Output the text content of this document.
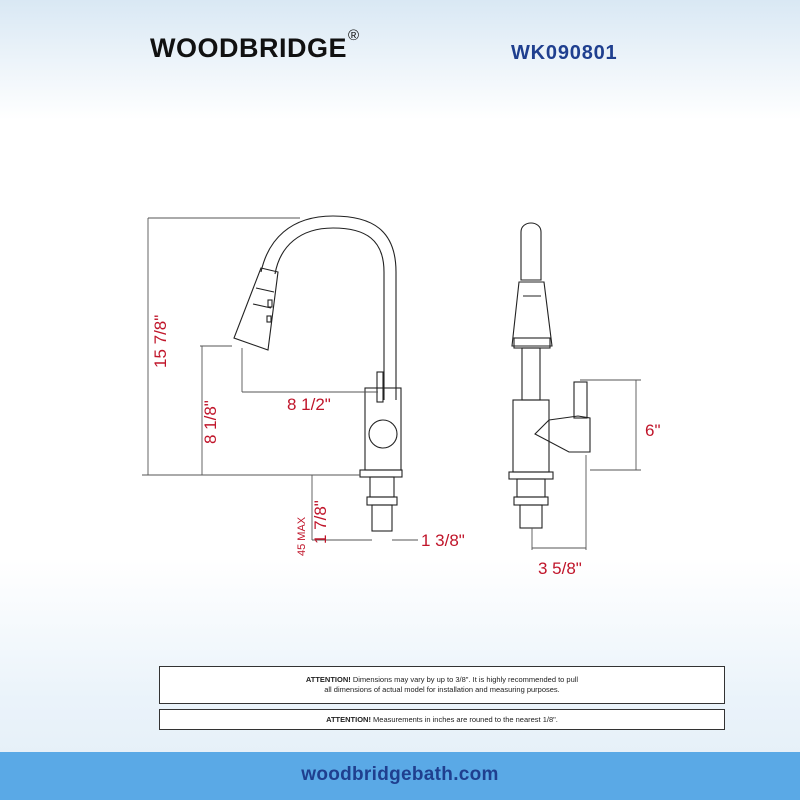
WOODBRIDGE®
WK090801
15 7/8"
8 1/8"	8 1/2"
45 MAX 1 7/8"	1 3/8"
6"
3 5/8"
ATTENTION! Dimensions may vary by up to 3/8". It is highly recommended to pull
all dimensions of actual model for installation and measuring purposes.
ATTENTION! Measurements in inches are rouned to the nearest 1/8".
woodbridgebath.com
